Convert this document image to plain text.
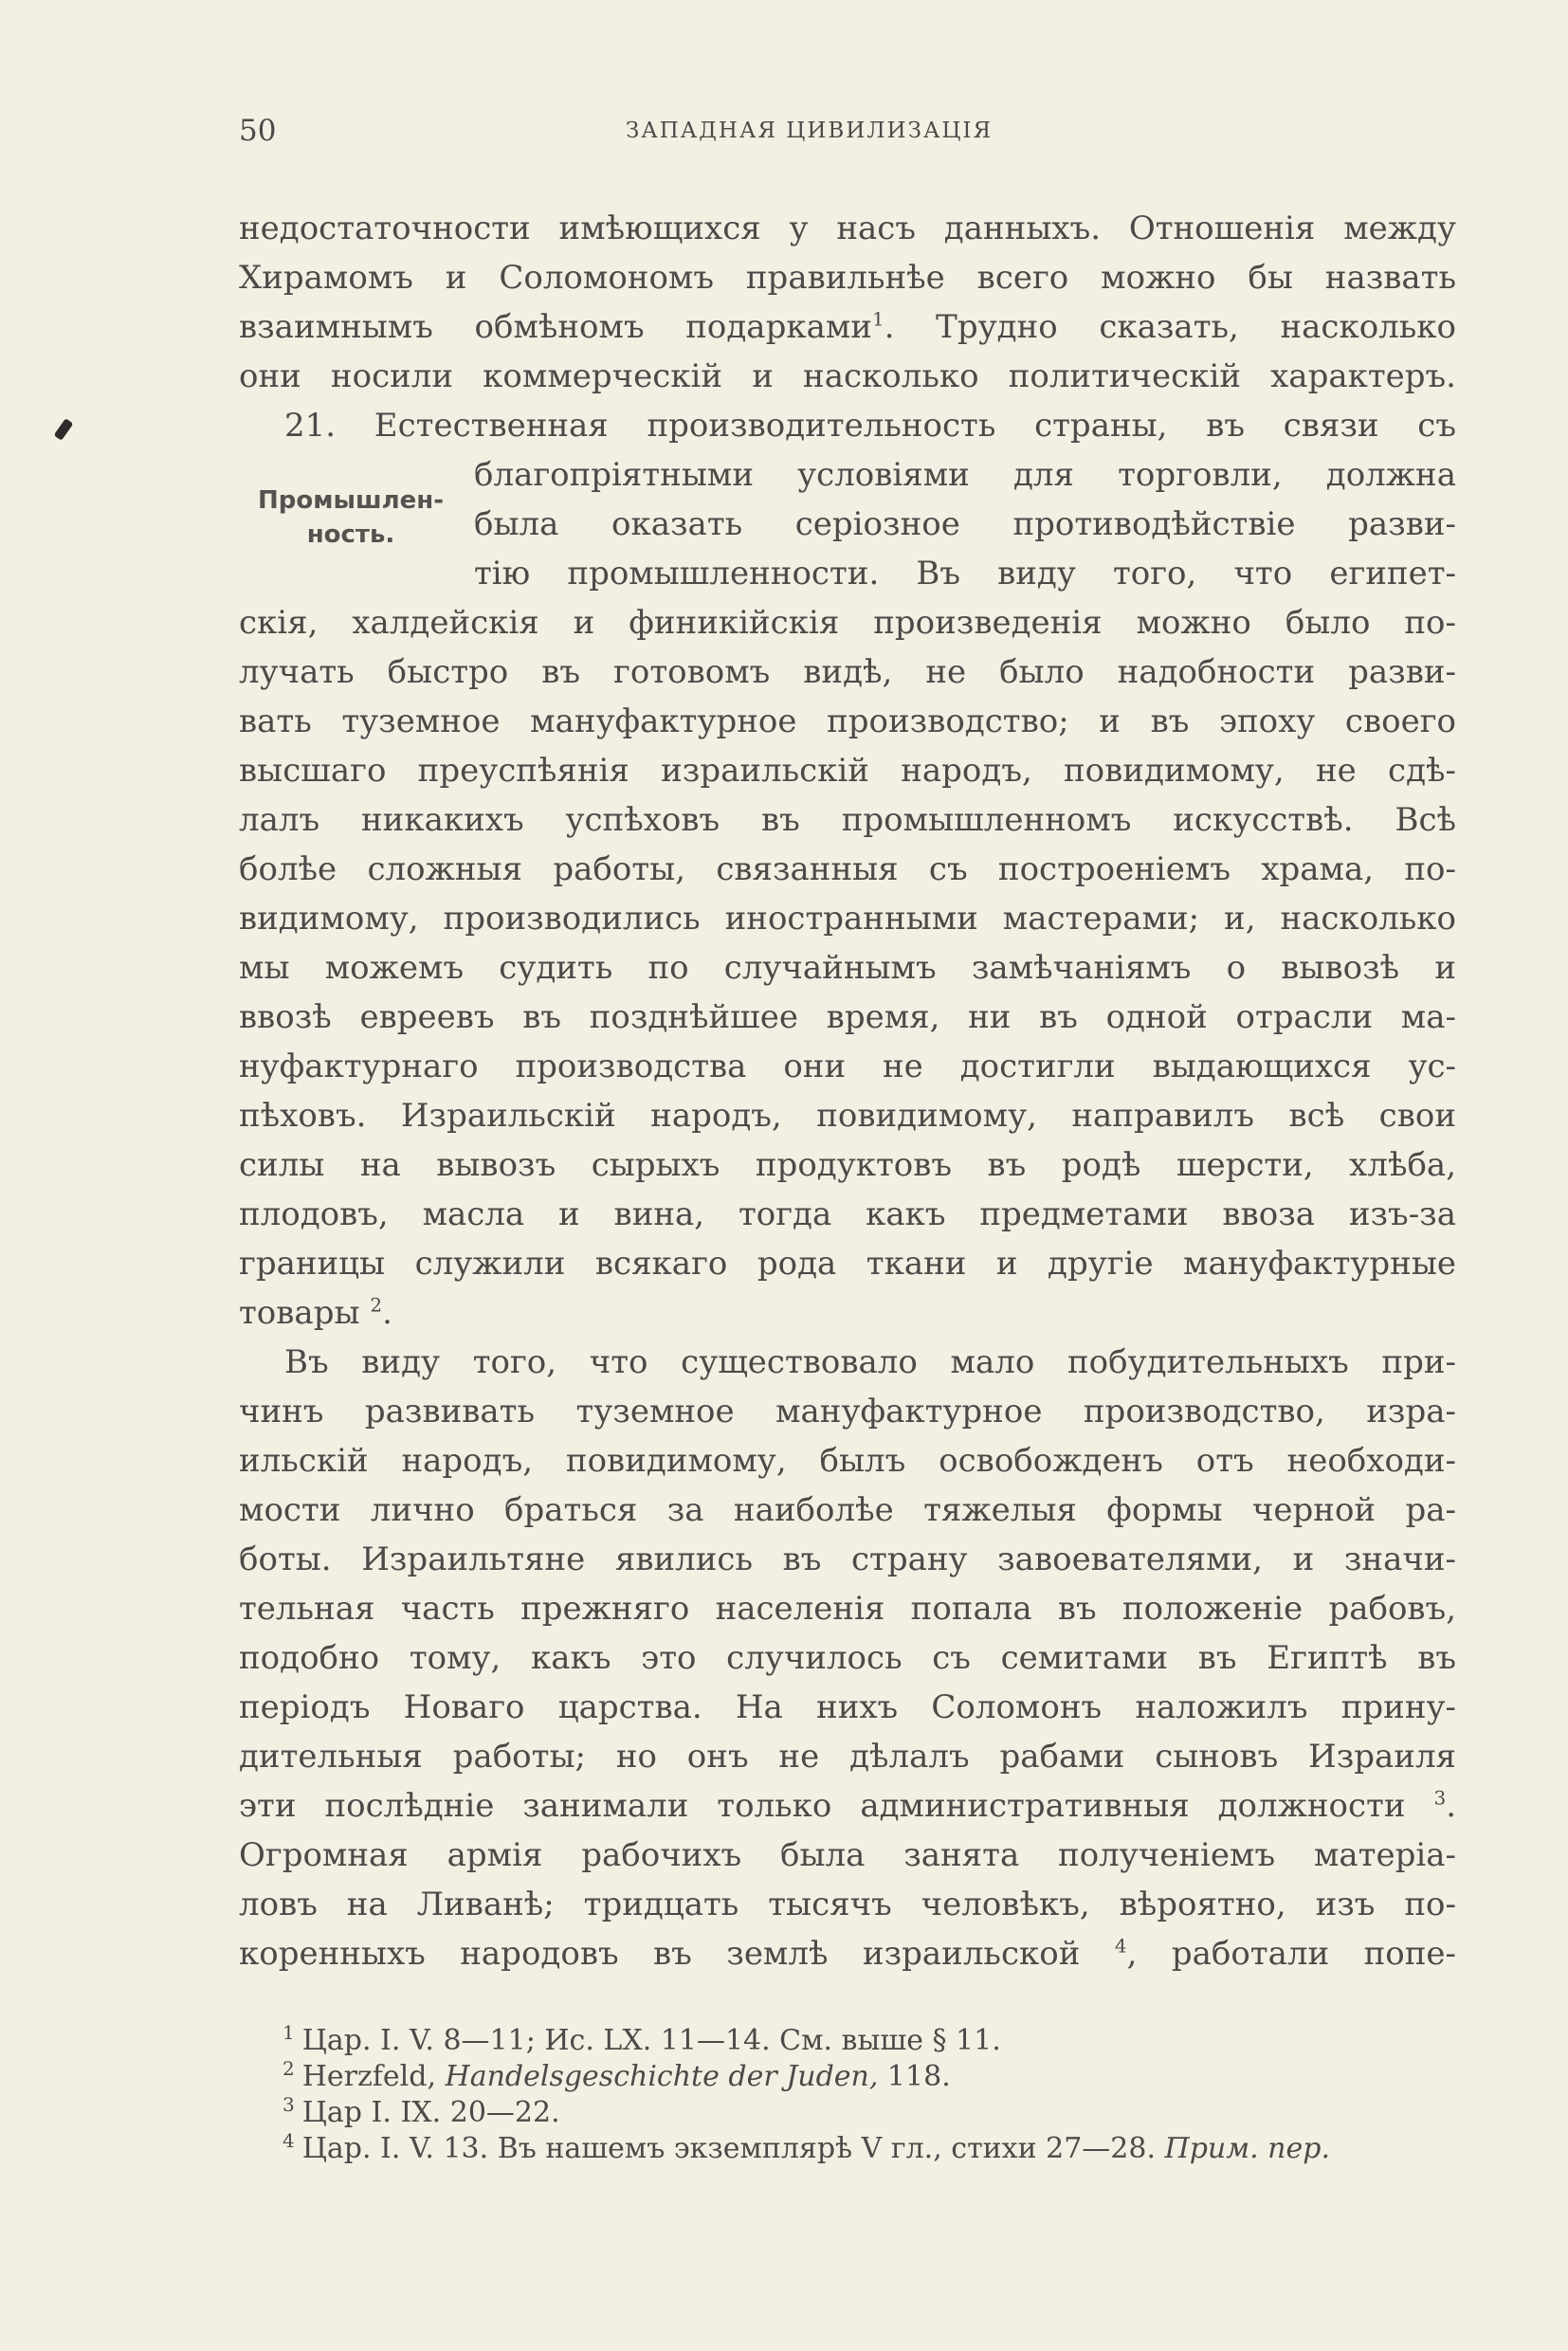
50	ЗАПАДНАЯ ЦИВИЛИЗАЦІЯ
Промышлен-
ность.
недостаточности имѣющихся у насъ данныхъ. Отношенія между
Хирамомъ и Соломономъ правильнѣе всего можно бы назвать
взаимнымъ обмѣномъ подарками$^1$. Трудно сказать, насколько
они носили коммерческій и насколько политическій характеръ.
21. Естественная производительность страны, въ связи съ
благопріятными условіями для торговли, должна
была оказать серіозное противодѣйствіе разви-
тію промышленности. Въ виду того, что египет-
скія, халдейскія и финикійскія произведенія можно было по-
лучать быстро въ готовомъ видѣ, не было надобности разви-
вать туземное мануфактурное производство; и въ эпоху своего
высшаго преуспѣянія израильскій народъ, повидимому, не сдѣ-
лалъ никакихъ успѣховъ въ промышленномъ искусствѣ. Всѣ
болѣе сложныя работы, связанныя съ построеніемъ храма, по-
видимому, производились иностранными мастерами; и, насколько
мы можемъ судить по случайнымъ замѣчаніямъ о вывозѣ и
ввозѣ евреевъ въ позднѣйшее время, ни въ одной отрасли ма-
нуфактурнаго производства они не достигли выдающихся ус-
пѣховъ. Израильскій народъ, повидимому, направилъ всѣ свои
силы на вывозъ сырыхъ продуктовъ въ родѣ шерсти, хлѣба,
плодовъ, масла и вина, тогда какъ предметами ввоза изъ-за
границы служили всякаго рода ткани и другіе мануфактурные
товары $^2$.
Въ виду того, что существовало мало побудительныхъ при-
чинъ развивать туземное мануфактурное производство, изра-
ильскій народъ, повидимому, былъ освобожденъ отъ необходи-
мости лично браться за наиболѣе тяжелыя формы черной ра-
боты. Израильтяне явились въ страну завоевателями, и значи-
тельная часть прежняго населенія попала въ положеніе рабовъ,
подобно тому, какъ это случилось съ семитами въ Египтѣ въ
періодъ Новаго царства. На нихъ Соломонъ наложилъ прину-
дительныя работы; но онъ не дѣлалъ рабами сыновъ Израиля
эти послѣдніе занимали только административныя должности $^3$.
Огромная армія рабочихъ была занята полученіемъ матеріа-
ловъ на Ливанѣ; тридцать тысячъ человѣкъ, вѣроятно, изъ по-
коренныхъ народовъ въ землѣ израильской $^4$, работали попе-
$^1$ Цар. I. V. 8—11; Ис. LX. 11—14. См. выше § 11.
$^2$ Herzfeld, Handelsgeschichte der Juden, 118.
$^3$ Цар I. IX. 20—22.
$^4$ Цар. I. V. 13. Въ нашемъ экземплярѣ V гл., стихи 27—28. Прим. пер.
